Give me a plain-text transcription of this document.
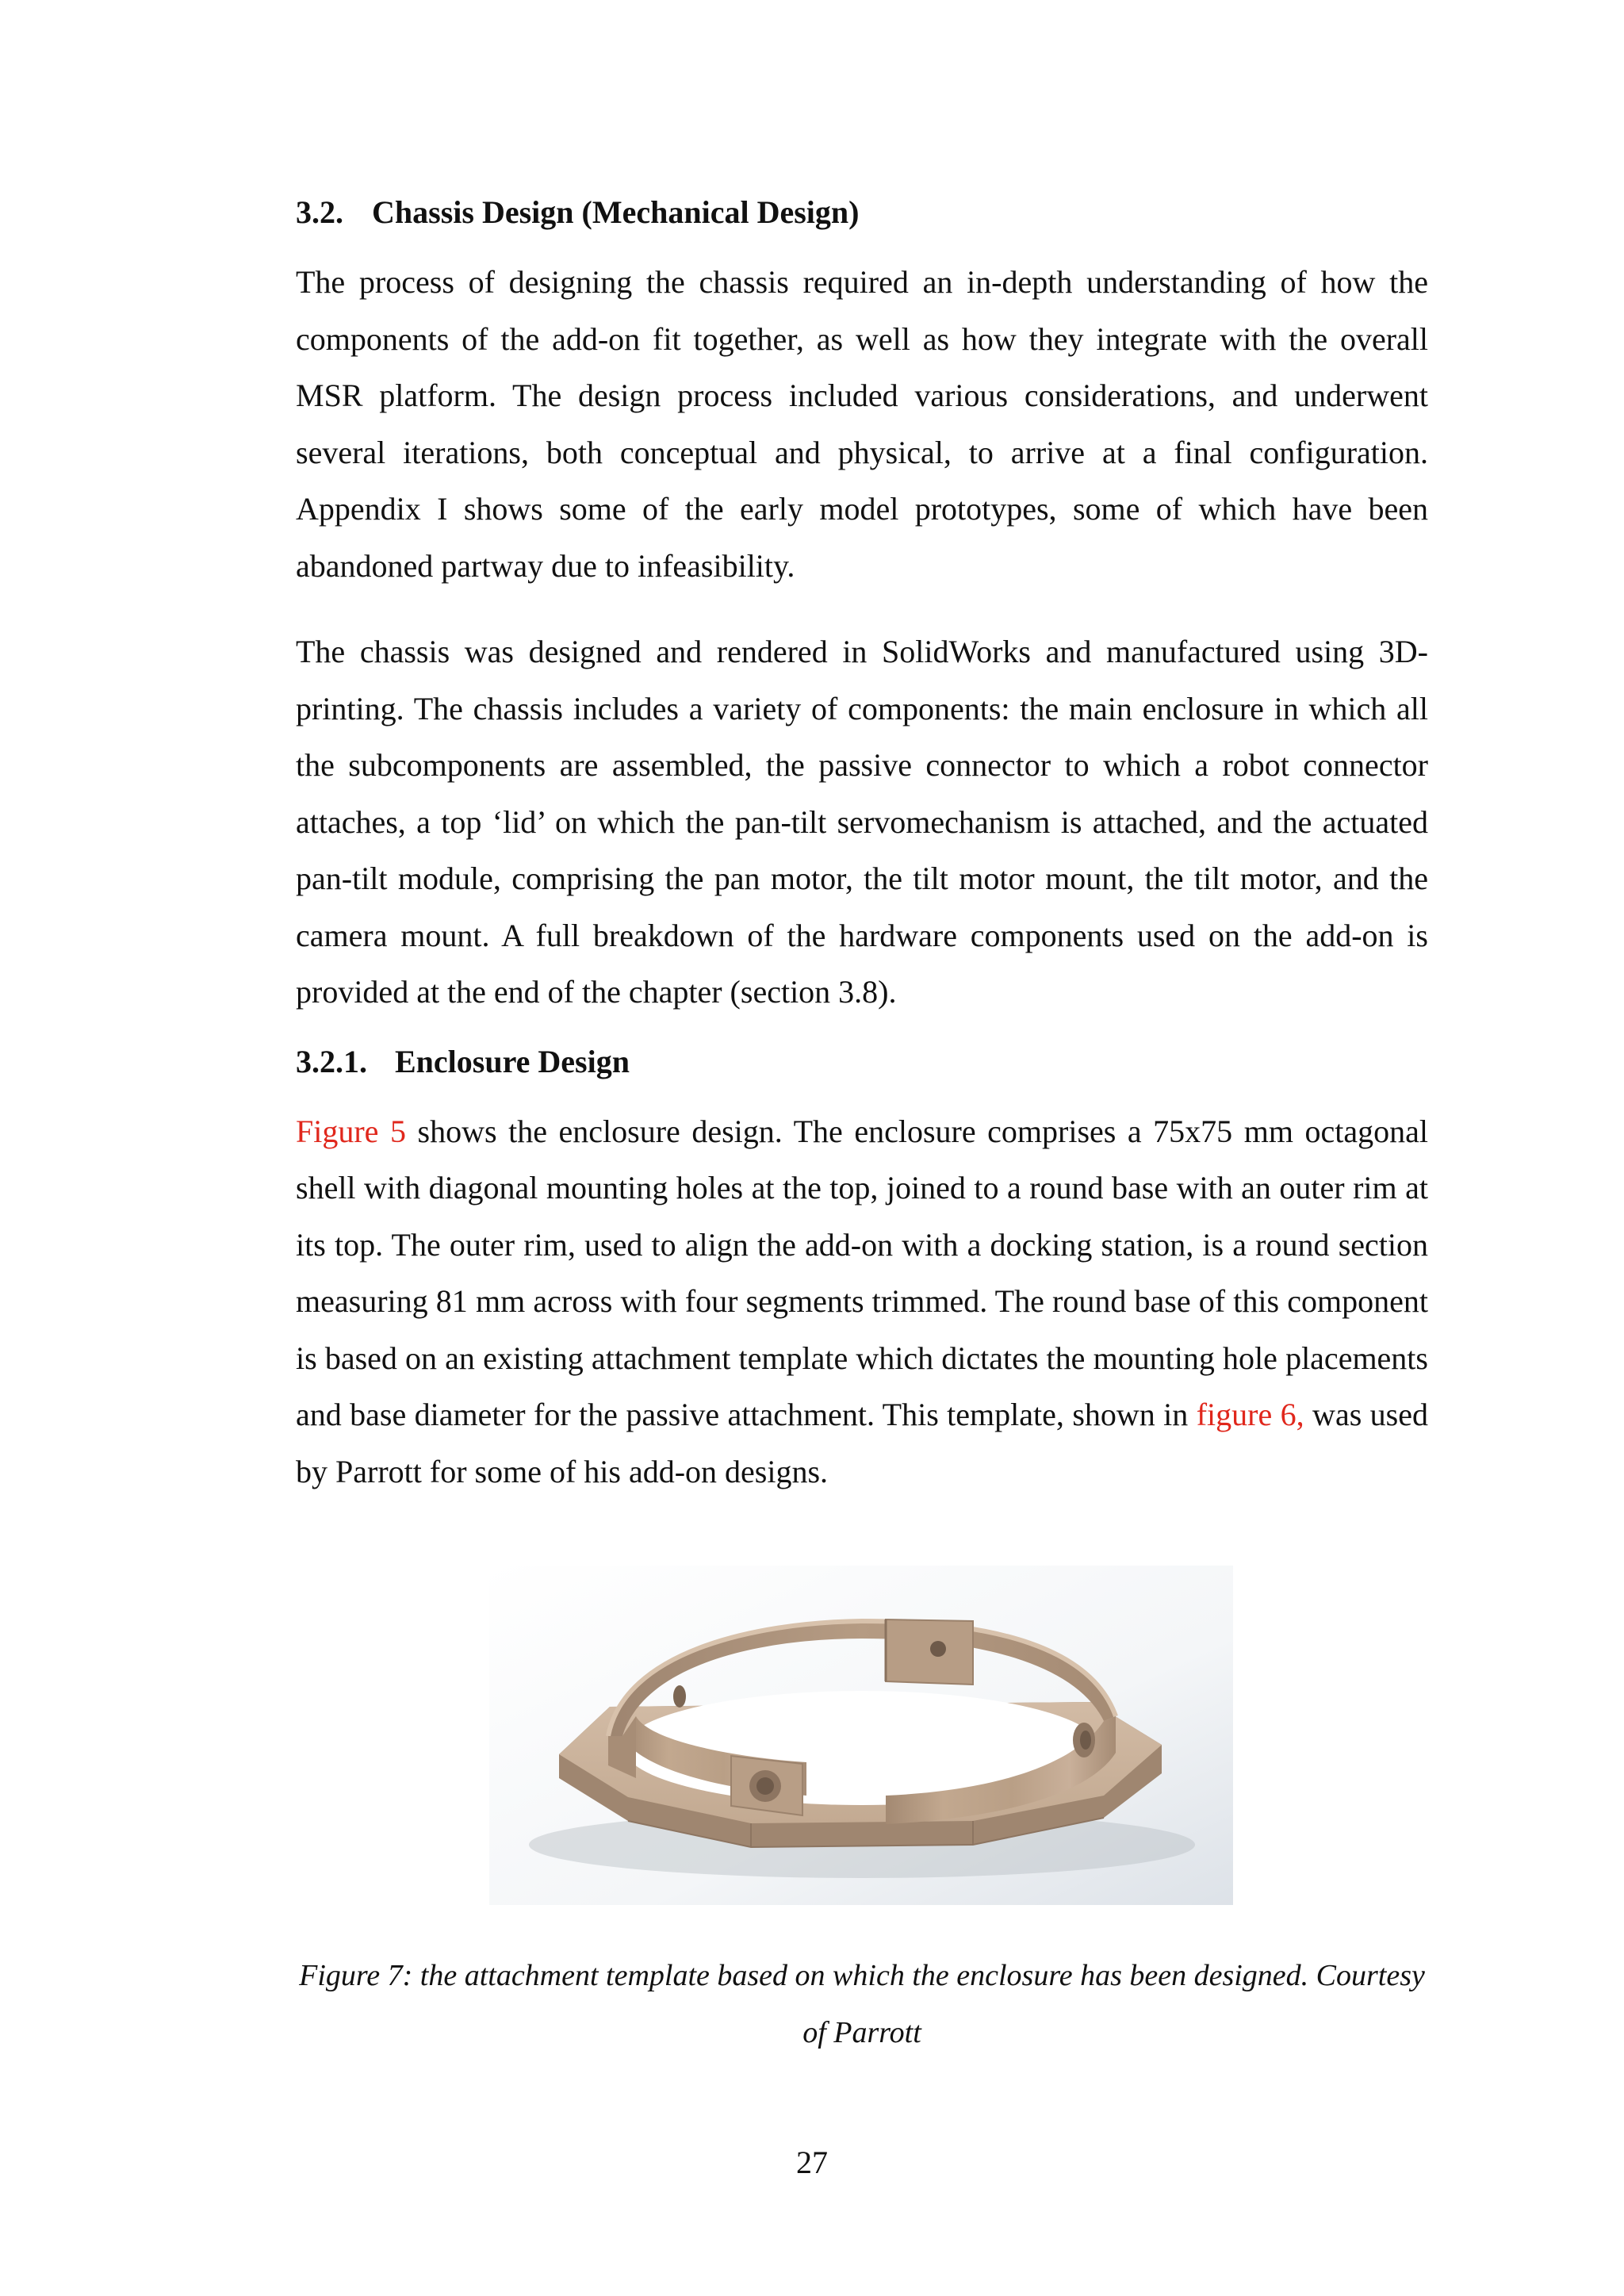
3.2. Chassis Design (Mechanical Design)

The process of designing the chassis required an in-depth understanding of how the components of the add-on fit together, as well as how they integrate with the overall MSR platform. The design process included various considerations, and underwent several iterations, both conceptual and physical, to arrive at a final configuration. Appendix I shows some of the early model prototypes, some of which have been abandoned partway due to infeasibility.

The chassis was designed and rendered in SolidWorks and manufactured using 3D-printing. The chassis includes a variety of components: the main enclosure in which all the subcomponents are assembled, the passive connector to which a robot connector attaches, a top ‘lid’ on which the pan-tilt servomechanism is attached, and the actuated pan-tilt module, comprising the pan motor, the tilt motor mount, the tilt motor, and the camera mount. A full breakdown of the hardware components used on the add-on is provided at the end of the chapter (section 3.8).

3.2.1. Enclosure Design

Figure 5 shows the enclosure design. The enclosure comprises a 75x75 mm octagonal shell with diagonal mounting holes at the top, joined to a round base with an outer rim at its top. The outer rim, used to align the add-on with a docking station, is a round section measuring 81 mm across with four segments trimmed. The round base of this component is based on an existing attachment template which dictates the mounting hole placements and base diameter for the passive attachment. This template, shown in figure 6, was used by Parrott for some of his add-on designs.

Figure 7: the attachment template based on which the enclosure has been designed. Courtesy
of Parrott

27
